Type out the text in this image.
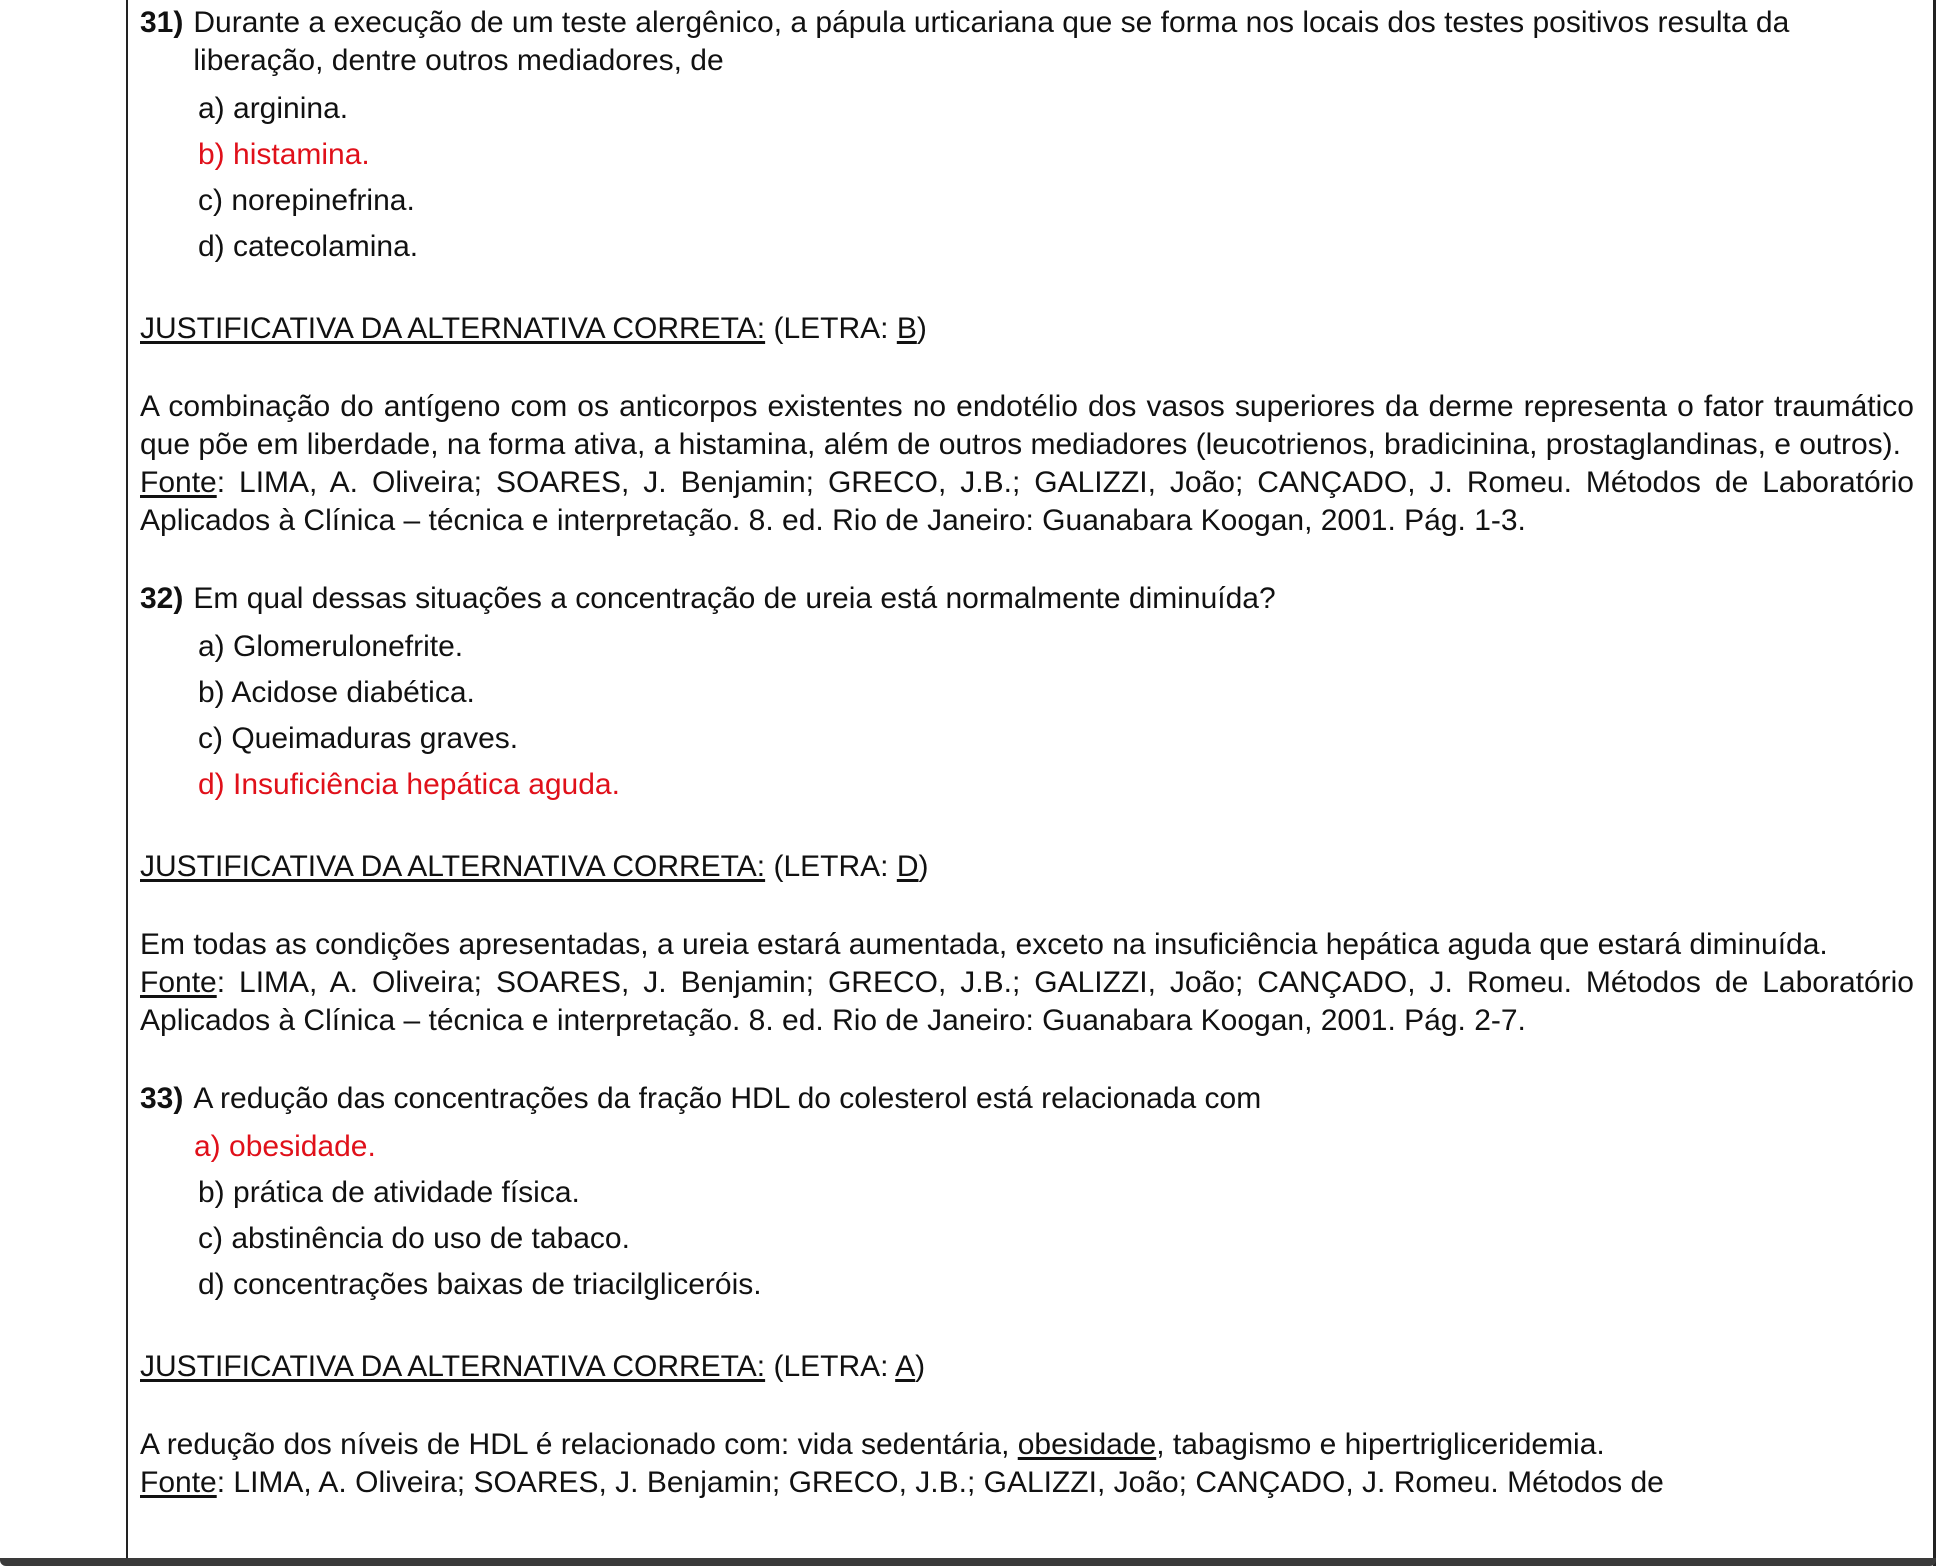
31) Durante a execução de um teste alergênico, a pápula urticariana que se forma nos locais dos testes positivos resulta da liberação, dentre outros mediadores, de
a) arginina.
b) histamina.
c) norepinefrina.
d) catecolamina.
JUSTIFICATIVA DA ALTERNATIVA CORRETA: (LETRA: B)
A combinação do antígeno com os anticorpos existentes no endotélio dos vasos superiores da derme representa o fator traumático que põe em liberdade, na forma ativa, a histamina, além de outros mediadores (leucotrienos, bradicinina, prostaglandinas, e outros).
Fonte: LIMA, A. Oliveira; SOARES, J. Benjamin; GRECO, J.B.; GALIZZI, João; CANÇADO, J. Romeu. Métodos de Laboratório Aplicados à Clínica – técnica e interpretação. 8. ed. Rio de Janeiro: Guanabara Koogan, 2001. Pág. 1-3.
32) Em qual dessas situações a concentração de ureia está normalmente diminuída?
a) Glomerulonefrite.
b) Acidose diabética.
c) Queimaduras graves.
d) Insuficiência hepática aguda.
JUSTIFICATIVA DA ALTERNATIVA CORRETA: (LETRA: D)
Em todas as condições apresentadas, a ureia estará aumentada, exceto na insuficiência hepática aguda que estará diminuída.
Fonte: LIMA, A. Oliveira; SOARES, J. Benjamin; GRECO, J.B.; GALIZZI, João; CANÇADO, J. Romeu. Métodos de Laboratório Aplicados à Clínica – técnica e interpretação. 8. ed. Rio de Janeiro: Guanabara Koogan, 2001. Pág. 2-7.
33) A redução das concentrações da fração HDL do colesterol está relacionada com
a) obesidade.
b) prática de atividade física.
c) abstinência do uso de tabaco.
d) concentrações baixas de triacilgliceróis.
JUSTIFICATIVA DA ALTERNATIVA CORRETA: (LETRA: A)
A redução dos níveis de HDL é relacionado com: vida sedentária, obesidade, tabagismo e hipertrigliceridemia.
Fonte: LIMA, A. Oliveira; SOARES, J. Benjamin; GRECO, J.B.; GALIZZI, João; CANÇADO, J. Romeu. Métodos de
